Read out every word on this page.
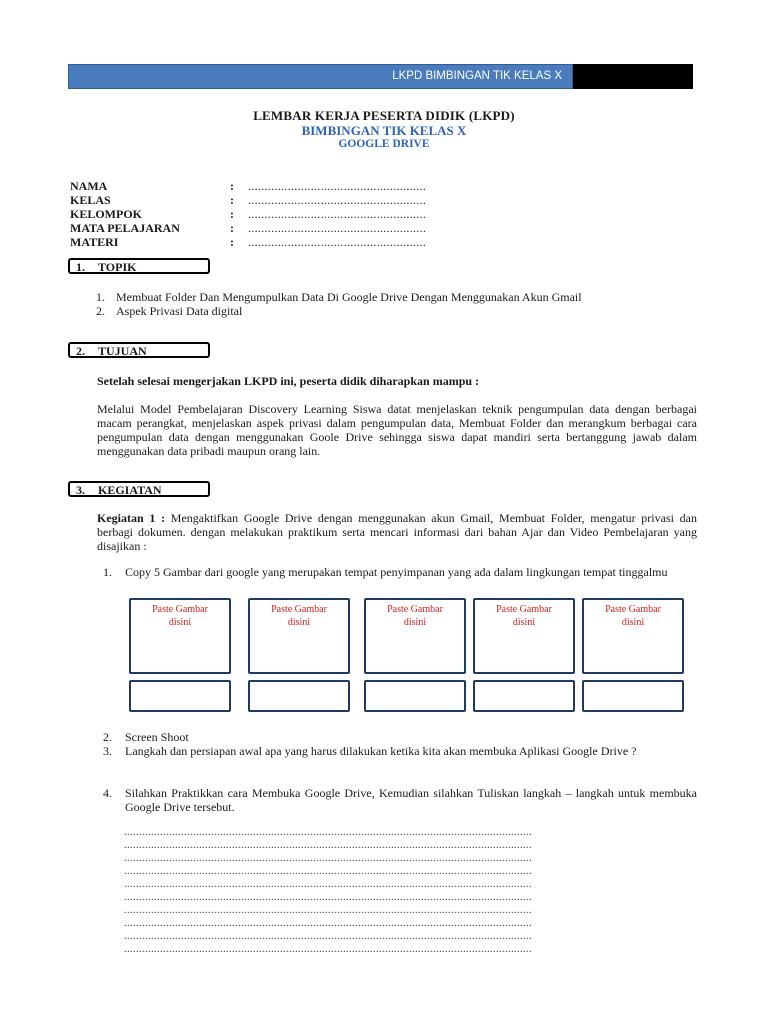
LKPD BIMBINGAN TIK KELAS X
LEMBAR KERJA PESERTA DIDIK (LKPD)
BIMBINGAN TIK KELAS X
GOOGLE DRIVE
NAMA	:	......................................................
KELAS	:	......................................................
KELOMPOK	:	......................................................
MATA PELAJARAN	:	......................................................
MATERI	:	......................................................
1. TOPIK
1. Membuat Folder Dan Mengumpulkan Data Di Google Drive Dengan Menggunakan Akun Gmail
2. Aspek Privasi Data digital
2. TUJUAN
Setelah selesai mengerjakan LKPD ini, peserta didik diharapkan mampu :
Melalui Model Pembelajaran Discovery Learning Siswa datat menjelaskan teknik pengumpulan data dengan berbagai macam perangkat, menjelaskan aspek privasi dalam pengumpulan data, Membuat Folder dan merangkum berbagai cara pengumpulan data dengan menggunakan Goole Drive sehingga siswa dapat mandiri serta bertanggung jawab dalam menggunakan data pribadi maupun orang lain.
3. KEGIATAN
Kegiatan 1 : Mengaktifkan Google Drive dengan menggunakan akun Gmail, Membuat Folder, mengatur privasi dan berbagi dokumen. dengan melakukan praktikum serta mencari informasi dari bahan Ajar dan Video Pembelajaran yang disajikan :
1.	Copy 5 Gambar dari google yang merupakan tempat penyimpanan yang ada dalam lingkungan tempat tinggalmu
Paste Gambar
disini
Paste Gambar
disini
Paste Gambar
disini
Paste Gambar
disini
Paste Gambar
disini
2.	Screen Shoot
3.	Langkah dan persiapan awal apa yang harus dilakukan ketika kita akan membuka Aplikasi Google Drive ?
4.	Silahkan Praktikkan cara Membuka Google Drive, Kemudian silahkan Tuliskan langkah – langkah untuk membuka Google Drive tersebut.
........................................................................................................................................
........................................................................................................................................
........................................................................................................................................
........................................................................................................................................
........................................................................................................................................
........................................................................................................................................
........................................................................................................................................
........................................................................................................................................
........................................................................................................................................
........................................................................................................................................
